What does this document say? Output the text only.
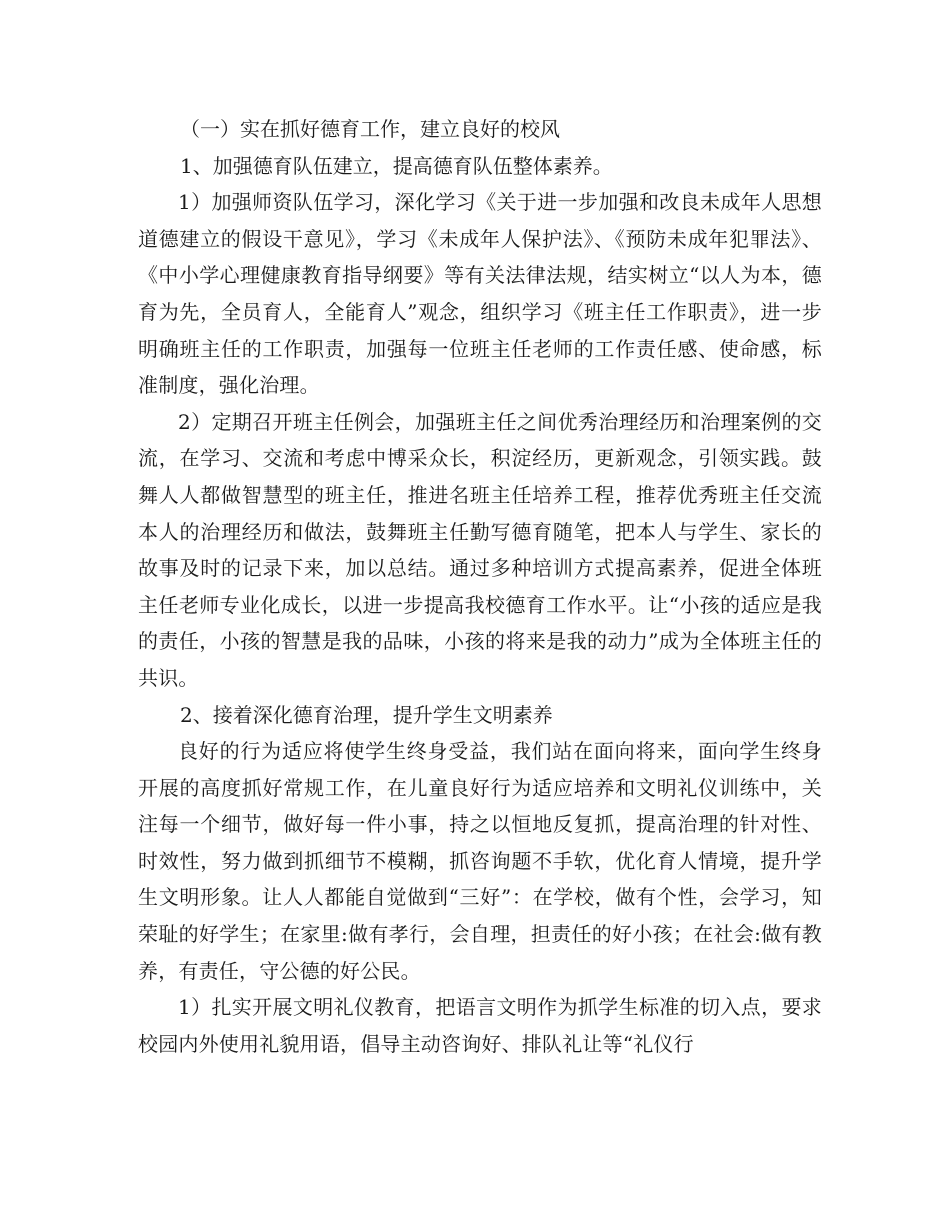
（一）实在抓好德育工作，建立良好的校风

1、加强德育队伍建立，提高德育队伍整体素养。

1）加强师资队伍学习，深化学习《关于进一步加强和改良未成年人思想道德建立的假设干意见》，学习《未成年人保护法》、《预防未成年犯罪法》、《中小学心理健康教育指导纲要》等有关法律法规，结实树立“以人为本，德育为先，全员育人，全能育人”观念，组织学习《班主任工作职责》，进一步明确班主任的工作职责，加强每一位班主任老师的工作责任感、使命感，标准制度，强化治理。

2）定期召开班主任例会，加强班主任之间优秀治理经历和治理案例的交流，在学习、交流和考虑中博采众长，积淀经历，更新观念，引领实践。鼓舞人人都做智慧型的班主任，推进名班主任培养工程，推荐优秀班主任交流本人的治理经历和做法，鼓舞班主任勤写德育随笔，把本人与学生、家长的故事及时的记录下来，加以总结。通过多种培训方式提高素养，促进全体班主任老师专业化成长，以进一步提高我校德育工作水平。让“小孩的适应是我的责任，小孩的智慧是我的品味，小孩的将来是我的动力”成为全体班主任的共识。

2、接着深化德育治理，提升学生文明素养

良好的行为适应将使学生终身受益，我们站在面向将来，面向学生终身开展的高度抓好常规工作，在儿童良好行为适应培养和文明礼仪训练中，关注每一个细节，做好每一件小事，持之以恒地反复抓，提高治理的针对性、时效性，努力做到抓细节不模糊，抓咨询题不手软，优化育人情境，提升学生文明形象。让人人都能自觉做到“三好”：在学校，做有个性，会学习，知荣耻的好学生；在家里:做有孝行，会自理，担责任的好小孩；在社会:做有教养，有责任，守公德的好公民。

1）扎实开展文明礼仪教育，把语言文明作为抓学生标准的切入点，要求校园内外使用礼貌用语，倡导主动咨询好、排队礼让等“礼仪行
